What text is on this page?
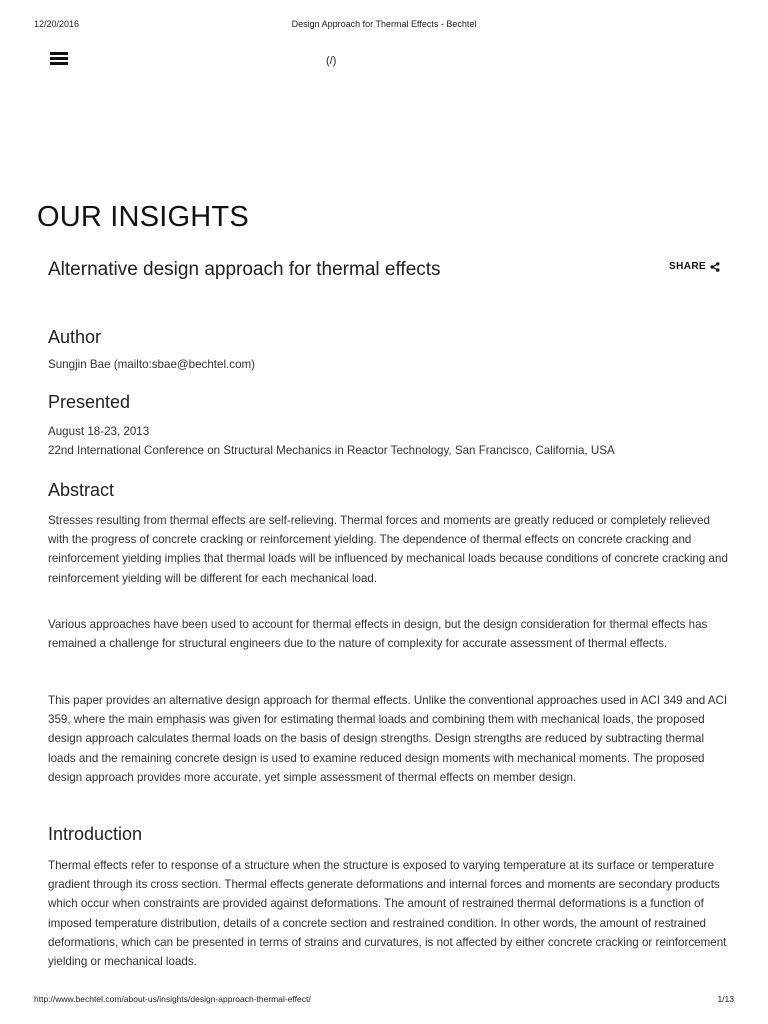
12/20/2016	Design Approach for Thermal Effects - Bechtel
(/)
OUR INSIGHTS
Alternative design approach for thermal effects	SHARE
Author
Sungjin Bae (mailto:sbae@bechtel.com)
Presented
August 18-23, 2013
22nd International Conference on Structural Mechanics in Reactor Technology, San Francisco, California, USA
Abstract

Stresses resulting from thermal effects are self-relieving. Thermal forces and moments are greatly reduced or completely relieved with the progress of concrete cracking or reinforcement yielding. The dependence of thermal effects on concrete cracking and reinforcement yielding implies that thermal loads will be influenced by mechanical loads because conditions of concrete cracking and reinforcement yielding will be different for each mechanical load.

Various approaches have been used to account for thermal effects in design, but the design consideration for thermal effects has remained a challenge for structural engineers due to the nature of complexity for accurate assessment of thermal effects.

This paper provides an alternative design approach for thermal effects. Unlike the conventional approaches used in ACI 349 and ACI 359, where the main emphasis was given for estimating thermal loads and combining them with mechanical loads, the proposed design approach calculates thermal loads on the basis of design strengths. Design strengths are reduced by subtracting thermal loads and the remaining concrete design is used to examine reduced design moments with mechanical moments. The proposed design approach provides more accurate, yet simple assessment of thermal effects on member design.

Introduction

Thermal effects refer to response of a structure when the structure is exposed to varying temperature at its surface or temperature gradient through its cross section. Thermal effects generate deformations and internal forces and moments are secondary products which occur when constraints are provided against deformations. The amount of restrained thermal deformations is a function of imposed temperature distribution, details of a concrete section and restrained condition. In other words, the amount of restrained deformations, which can be presented in terms of strains and curvatures, is not affected by either concrete cracking or reinforcement yielding or mechanical loads.

http://www.bechtel.com/about-us/insights/design-approach-thermal-effect/	1/13
